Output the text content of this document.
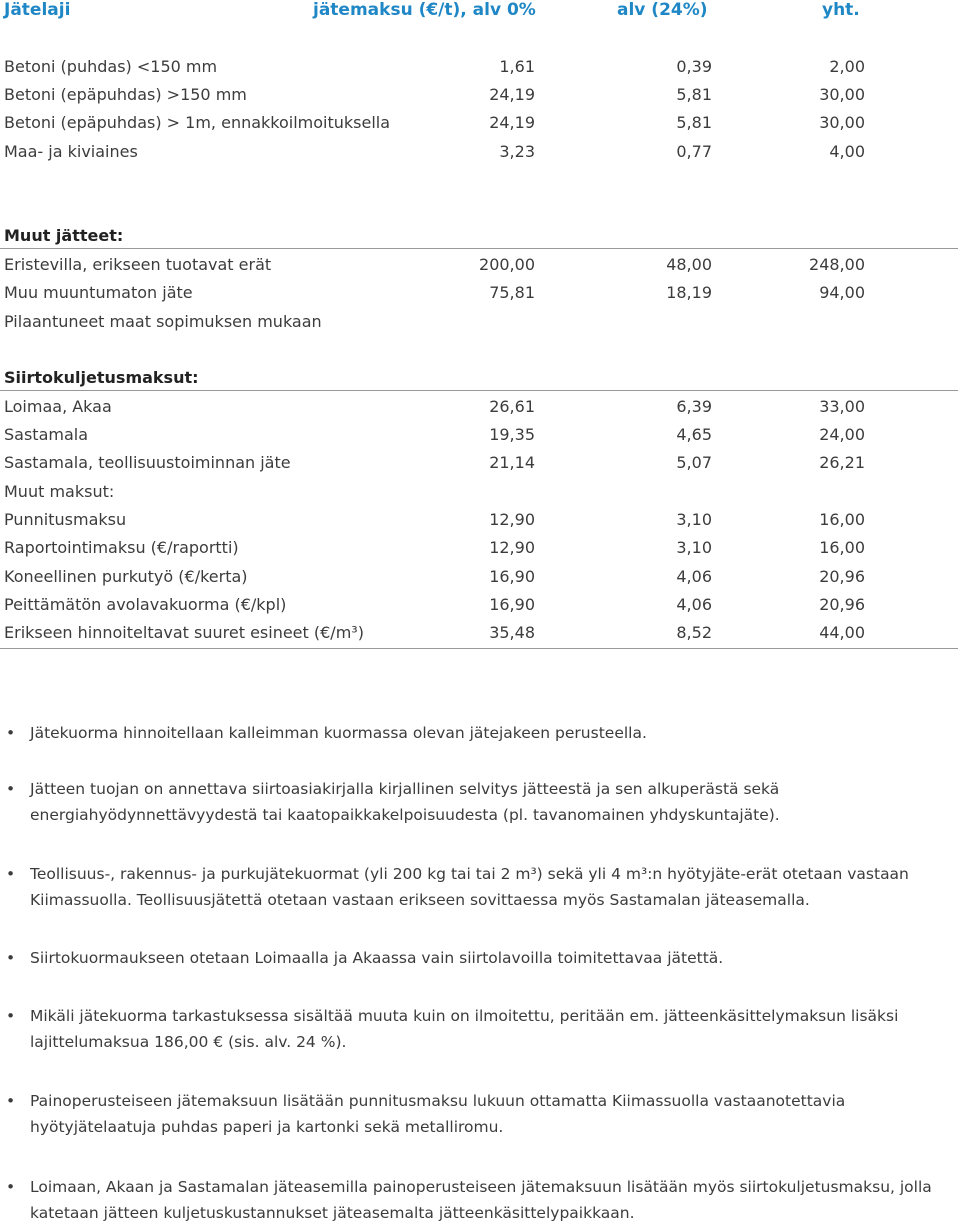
Jätelaji	jätemaksu (€/t), alv 0%	alv (24%)	yht.
Betoni (puhdas) <150 mm	1,61	0,39	2,00
Betoni (epäpuhdas) >150 mm	24,19	5,81	30,00
Betoni (epäpuhdas) > 1m, ennakkoilmoituksella	24,19	5,81	30,00
Maa- ja kiviaines	3,23	0,77	4,00
Muut jätteet:
Eristevilla, erikseen tuotavat erät	200,00	48,00	248,00
Muu muuntumaton jäte	75,81	18,19	94,00
Pilaantuneet maat sopimuksen mukaan
Siirtokuljetusmaksut:
Loimaa, Akaa	26,61	6,39	33,00
Sastamala	19,35	4,65	24,00
Sastamala, teollisuustoiminnan jäte	21,14	5,07	26,21
Muut maksut:
Punnitusmaksu	12,90	3,10	16,00
Raportointimaksu (€/raportti)	12,90	3,10	16,00
Koneellinen purkutyö (€/kerta)	16,90	4,06	20,96
Peittämätön avolavakuorma (€/kpl)	16,90	4,06	20,96
Erikseen hinnoiteltavat suuret esineet (€/m³)	35,48	8,52	44,00
• Jätekuorma hinnoitellaan kalleimman kuormassa olevan jätejakeen perusteella.
• Jätteen tuojan on annettava siirtoasiakirjalla kirjallinen selvitys jätteestä ja sen alkuperästä sekä energiahyödynnettävyydestä tai kaatopaikkakelpoisuudesta (pl. tavanomainen yhdyskuntajäte).
• Teollisuus-, rakennus- ja purkujätekuormat (yli 200 kg tai tai 2 m³) sekä yli 4 m³:n hyötyjäte-erät otetaan vastaan Kiimassuolla. Teollisuusjätettä otetaan vastaan erikseen sovittaessa myös Sastamalan jäteasemalla.
• Siirtokuormaukseen otetaan Loimaalla ja Akaassa vain siirtolavoilla toimitettavaa jätettä.
• Mikäli jätekuorma tarkastuksessa sisältää muuta kuin on ilmoitettu, peritään em. jätteenkäsittelymaksun lisäksi lajittelumaksua 186,00 € (sis. alv. 24 %).
• Painoperusteiseen jätemaksuun lisätään punnitusmaksu lukuun ottamatta Kiimassuolla vastaanotettavia hyötyjätelaatuja puhdas paperi ja kartonki sekä metalliromu.
• Loimaan, Akaan ja Sastamalan jäteasemilla painoperusteiseen jätemaksuun lisätään myös siirtokuljetusmaksu, jolla katetaan jätteen kuljetuskustannukset jäteasemalta jätteenkäsittelypaikkaan.
